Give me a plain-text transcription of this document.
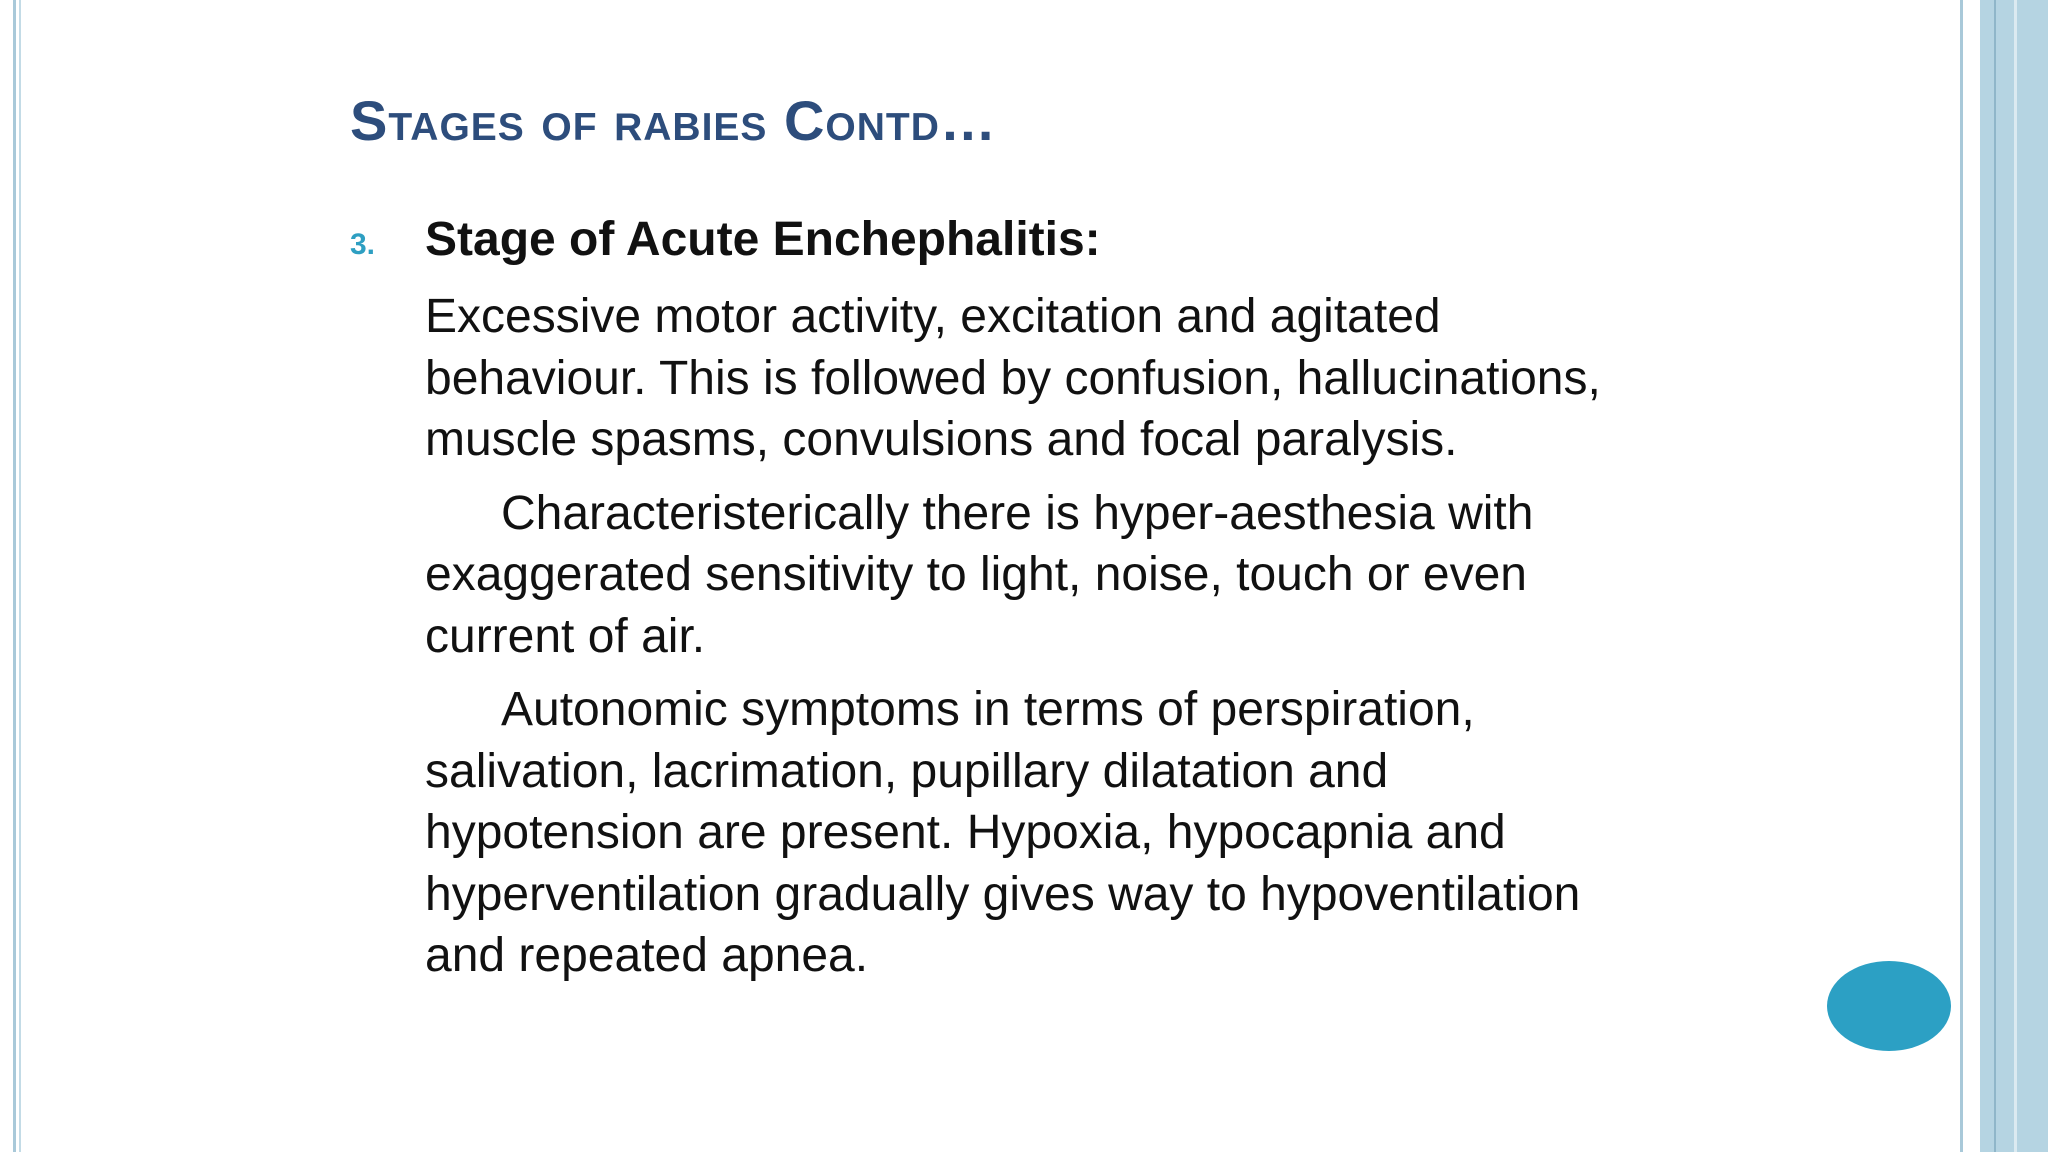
Stages of rabies Contd…
3. Stage of Acute Enchephalitis:

Excessive motor activity, excitation and agitated behaviour. This is followed by confusion, hallucinations, muscle spasms, convulsions and focal paralysis.

Characteristerically there is hyper-aesthesia with exaggerated sensitivity to light, noise, touch or even current of air.

Autonomic symptoms in terms of perspiration, salivation, lacrimation, pupillary dilatation and hypotension are present. Hypoxia, hypocapnia and hyperventilation gradually gives way to hypoventilation and repeated apnea.
